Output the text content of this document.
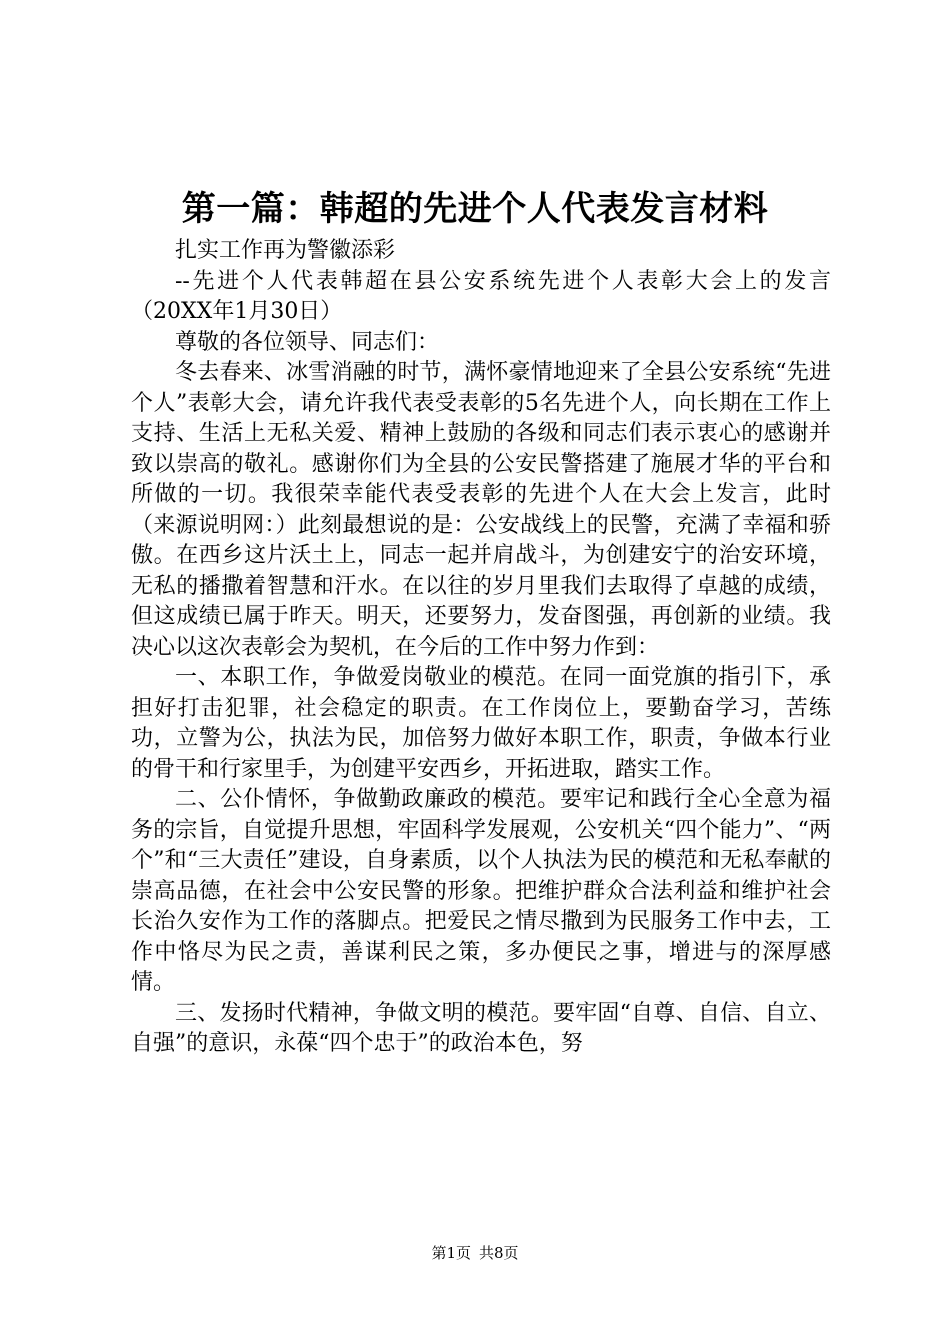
第一篇：韩超的先进个人代表发言材料

扎实工作再为警徽添彩

--先进个人代表韩超在县公安系统先进个人表彰大会上的发言（20XX年1月30日）

尊敬的各位领导、同志们：

冬去春来、冰雪消融的时节，满怀豪情地迎来了全县公安系统“先进个人”表彰大会，请允许我代表受表彰的5名先进个人，向长期在工作上支持、生活上无私关爱、精神上鼓励的各级和同志们表示衷心的感谢并致以崇高的敬礼。感谢你们为全县的公安民警搭建了施展才华的平台和所做的一切。我很荣幸能代表受表彰的先进个人在大会上发言，此时（来源说明网：）此刻最想说的是：公安战线上的民警，充满了幸福和骄傲。在西乡这片沃土上，同志一起并肩战斗，为创建安宁的治安环境，无私的播撒着智慧和汗水。在以往的岁月里我们去取得了卓越的成绩，但这成绩已属于昨天。明天，还要努力，发奋图强，再创新的业绩。我决心以这次表彰会为契机，在今后的工作中努力作到：

一、本职工作，争做爱岗敬业的模范。在同一面党旗的指引下，承担好打击犯罪，社会稳定的职责。在工作岗位上，要勤奋学习，苦练功，立警为公，执法为民，加倍努力做好本职工作，职责，争做本行业的骨干和行家里手，为创建平安西乡，开拓进取，踏实工作。

二、公仆情怀，争做勤政廉政的模范。要牢记和践行全心全意为福务的宗旨，自觉提升思想，牢固科学发展观，公安机关“四个能力”、“两个”和“三大责任”建设，自身素质，以个人执法为民的模范和无私奉献的崇高品德，在社会中公安民警的形象。把维护群众合法利益和维护社会长治久安作为工作的落脚点。把爱民之情尽撒到为民服务工作中去，工作中恪尽为民之责，善谋利民之策，多办便民之事，增进与的深厚感情。

三、发扬时代精神，争做文明的模范。要牢固“自尊、自信、自立、自强”的意识，永葆“四个忠于”的政治本色，努

第1页 共8页
